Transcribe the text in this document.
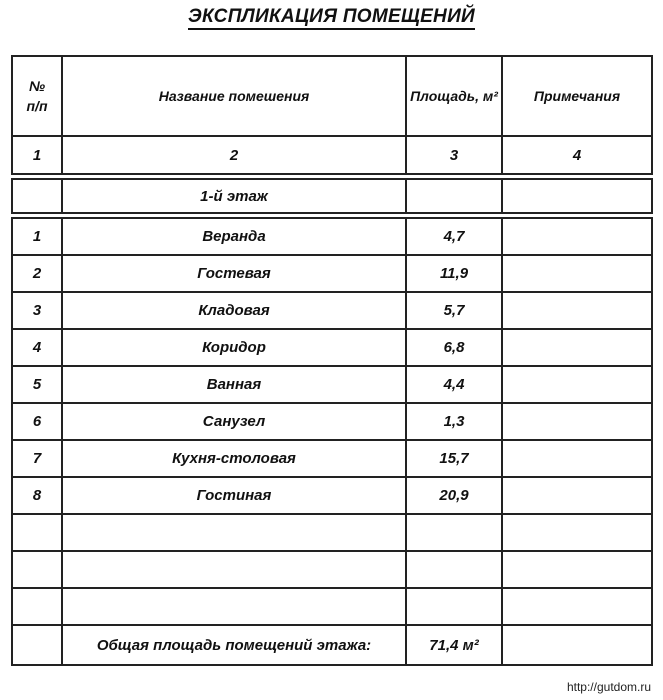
ЭКСПЛИКАЦИЯ ПОМЕЩЕНИЙ
№ п/п	Название помешения	Площадь, м²	Примечания
1	2	3	4

	1-й этаж		

1	Веранда	4,7	
2	Гостевая	11,9	
3	Кладовая	5,7	
4	Коридор	6,8	
5	Ванная	4,4	
6	Санузел	1,3	
7	Кухня-столовая	15,7	
8	Гостиная	20,9	

	Общая площадь помещений этажа:	71,4 м²	
http://gutdom.ru
